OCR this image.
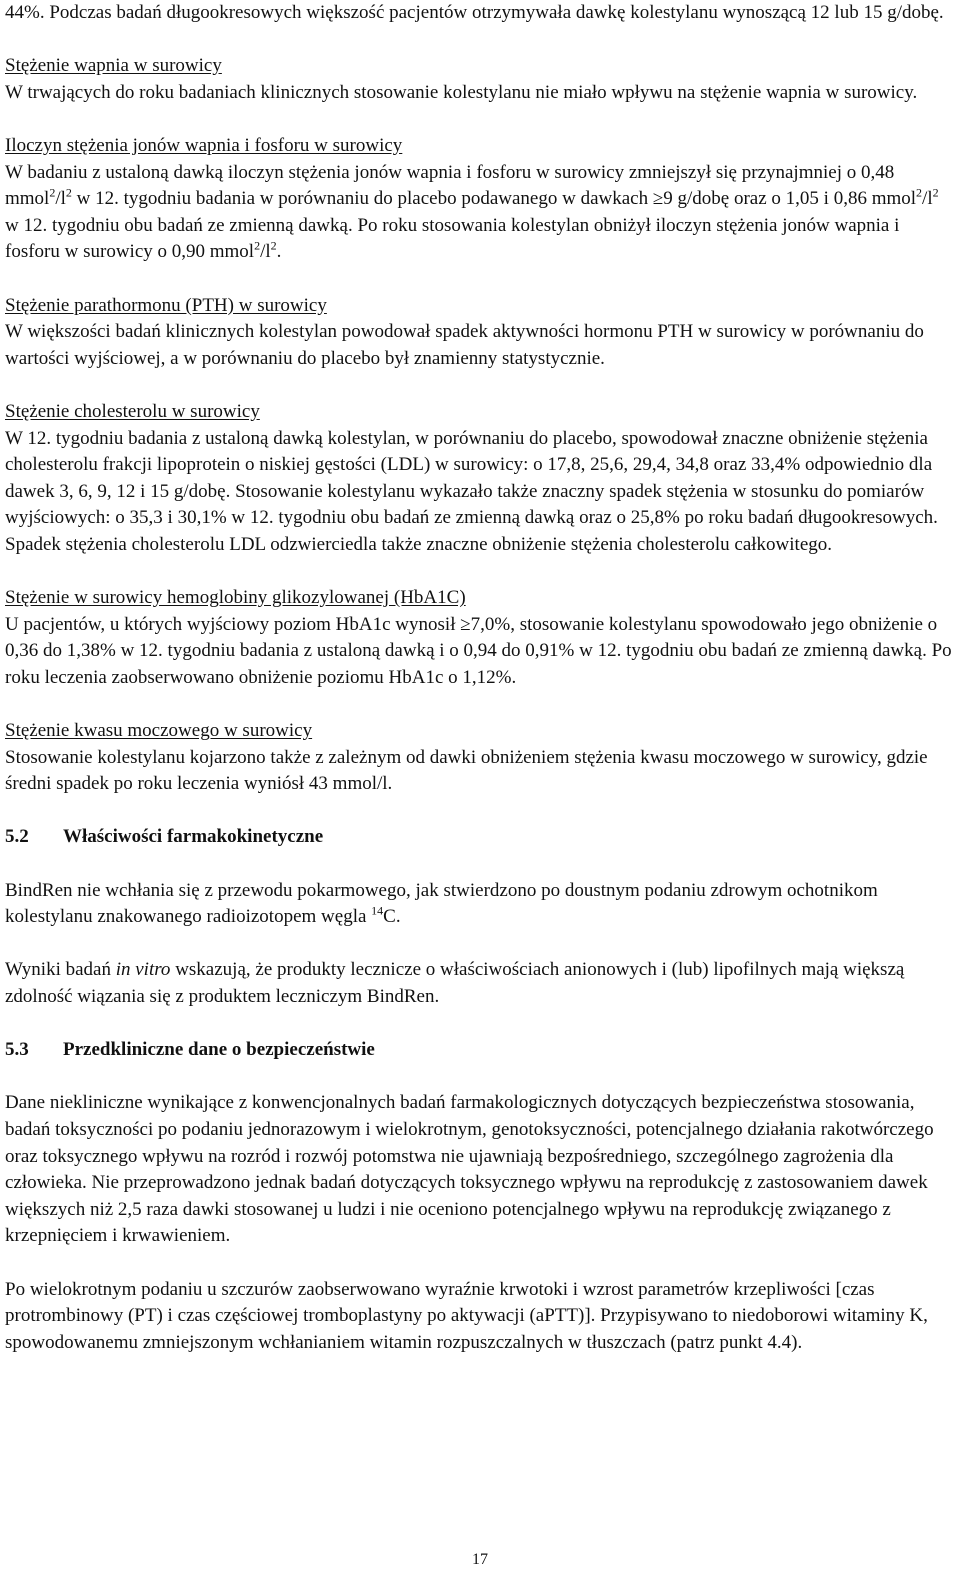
44%. Podczas badań długookresowych większość pacjentów otrzymywała dawkę kolestylanu wynoszącą 12 lub 15 g/dobę.

Stężenie wapnia w surowicy

W trwających do roku badaniach klinicznych stosowanie kolestylanu nie miało wpływu na stężenie wapnia w surowicy.

Iloczyn stężenia jonów wapnia i fosforu w surowicy

W badaniu z ustaloną dawką iloczyn stężenia jonów wapnia i fosforu w surowicy zmniejszył się przynajmniej o 0,48 $mmol^2/l^2$ w 12. tygodniu badania w porównaniu do placebo podawanego w dawkach ≥9 g/dobę oraz o 1,05 i 0,86 $mmol^2/l^2$ w 12. tygodniu obu badań ze zmienną dawką. Po roku stosowania kolestylan obniżył iloczyn stężenia jonów wapnia i fosforu w surowicy o 0,90 $mmol^2/l^2$.

Stężenie parathormonu (PTH) w surowicy

W większości badań klinicznych kolestylan powodował spadek aktywności hormonu PTH w surowicy w porównaniu do wartości wyjściowej, a w porównaniu do placebo był znamienny statystycznie.

Stężenie cholesterolu w surowicy

W 12. tygodniu badania z ustaloną dawką kolestylan, w porównaniu do placebo, spowodował znaczne obniżenie stężenia cholesterolu frakcji lipoprotein o niskiej gęstości (LDL) w surowicy: o 17,8, 25,6, 29,4, 34,8 oraz 33,4% odpowiednio dla dawek 3, 6, 9, 12 i 15 g/dobę. Stosowanie kolestylanu wykazało także znaczny spadek stężenia w stosunku do pomiarów wyjściowych: o 35,3 i 30,1% w 12. tygodniu obu badań ze zmienną dawką oraz o 25,8% po roku badań długookresowych. Spadek stężenia cholesterolu LDL odzwierciedla także znaczne obniżenie stężenia cholesterolu całkowitego.

Stężenie w surowicy hemoglobiny glikozylowanej (HbA1C)

U pacjentów, u których wyjściowy poziom HbA1c wynosił ≥7,0%, stosowanie kolestylanu spowodowało jego obniżenie o 0,36 do 1,38% w 12. tygodniu badania z ustaloną dawką i o 0,94 do 0,91% w 12. tygodniu obu badań ze zmienną dawką. Po roku leczenia zaobserwowano obniżenie poziomu HbA1c o 1,12%.

Stężenie kwasu moczowego w surowicy

Stosowanie kolestylanu kojarzono także z zależnym od dawki obniżeniem stężenia kwasu moczowego w surowicy, gdzie średni spadek po roku leczenia wyniósł 43 mmol/l.

5.2 Właściwości farmakokinetyczne

BindRen nie wchłania się z przewodu pokarmowego, jak stwierdzono po doustnym podaniu zdrowym ochotnikom kolestylanu znakowanego radioizotopem węgla $^{14}$C.

Wyniki badań in vitro wskazują, że produkty lecznicze o właściwościach anionowych i (lub) lipofilnych mają większą zdolność wiązania się z produktem leczniczym BindRen.

5.3 Przedkliniczne dane o bezpieczeństwie

Dane niekliniczne wynikające z konwencjonalnych badań farmakologicznych dotyczących bezpieczeństwa stosowania, badań toksyczności po podaniu jednorazowym i wielokrotnym, genotoksyczności, potencjalnego działania rakotwórczego oraz toksycznego wpływu na rozród i rozwój potomstwa nie ujawniają bezpośredniego, szczególnego zagrożenia dla człowieka. Nie przeprowadzono jednak badań dotyczących toksycznego wpływu na reprodukcję z zastosowaniem dawek większych niż 2,5 raza dawki stosowanej u ludzi i nie oceniono potencjalnego wpływu na reprodukcję związanego z krzepnięciem i krwawieniem.

Po wielokrotnym podaniu u szczurów zaobserwowano wyraźnie krwotoki i wzrost parametrów krzepliwości [czas protrombinowy (PT) i czas częściowej tromboplastyny po aktywacji (aPTT)]. Przypisywano to niedoborowi witaminy K, spowodowanemu zmniejszonym wchłanianiem witamin rozpuszczalnych w tłuszczach (patrz punkt 4.4).

17
